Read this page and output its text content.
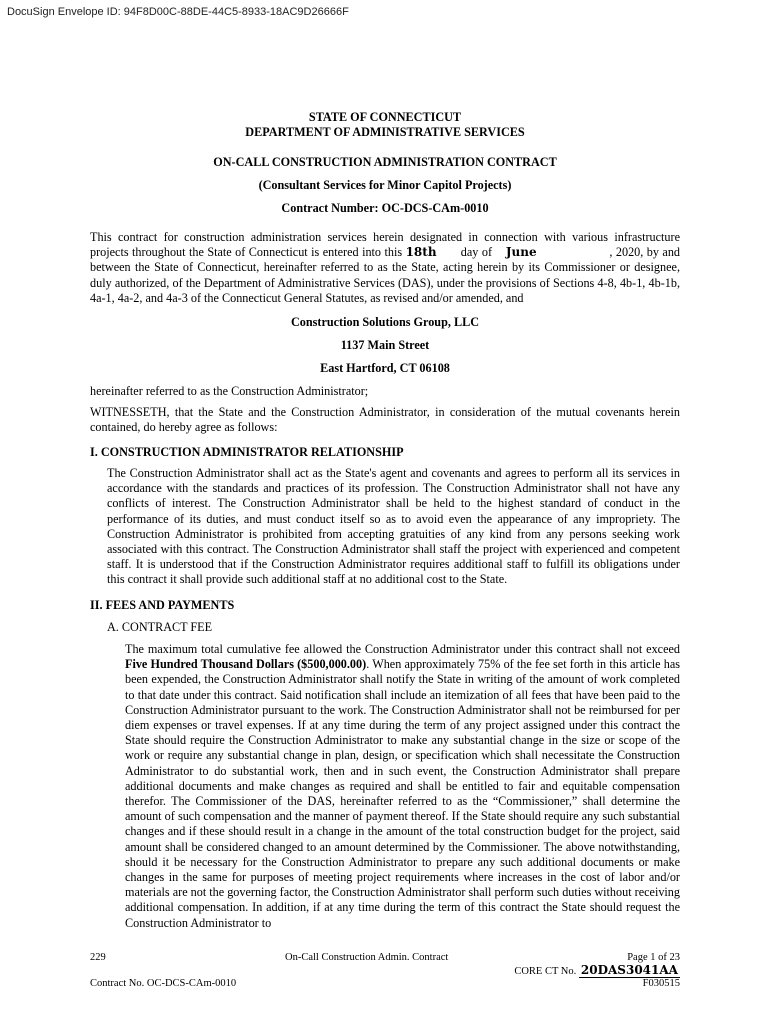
DocuSign Envelope ID: 94F8D00C-88DE-44C5-8933-18AC9D26666F
STATE OF CONNECTICUT
DEPARTMENT OF ADMINISTRATIVE SERVICES
ON-CALL CONSTRUCTION ADMINISTRATION CONTRACT
(Consultant Services for Minor Capitol Projects)
Contract Number: OC-DCS-CAm-0010
This contract for construction administration services herein designated in connection with various infrastructure projects throughout the State of Connecticut is entered into this 18th day of June	, 2020, by and between the State of Connecticut, hereinafter referred to as the State, acting herein by its Commissioner or designee, duly authorized, of the Department of Administrative Services (DAS), under the provisions of Sections 4-8, 4b-1, 4b-1b, 4a-1, 4a-2, and 4a-3 of the Connecticut General Statutes, as revised and/or amended, and
Construction Solutions Group, LLC
1137 Main Street
East Hartford, CT 06108
hereinafter referred to as the Construction Administrator;
WITNESSETH, that the State and the Construction Administrator, in consideration of the mutual covenants herein contained, do hereby agree as follows:
I. CONSTRUCTION ADMINISTRATOR RELATIONSHIP
The Construction Administrator shall act as the State's agent and covenants and agrees to perform all its services in accordance with the standards and practices of its profession. The Construction Administrator shall not have any conflicts of interest. The Construction Administrator shall be held to the highest standard of conduct in the performance of its duties, and must conduct itself so as to avoid even the appearance of any impropriety. The Construction Administrator is prohibited from accepting gratuities of any kind from any persons seeking work associated with this contract. The Construction Administrator shall staff the project with experienced and competent staff. It is understood that if the Construction Administrator requires additional staff to fulfill its obligations under this contract it shall provide such additional staff at no additional cost to the State.
II. FEES AND PAYMENTS
A. CONTRACT FEE
The maximum total cumulative fee allowed the Construction Administrator under this contract shall not exceed Five Hundred Thousand Dollars ($500,000.00). When approximately 75% of the fee set forth in this article has been expended, the Construction Administrator shall notify the State in writing of the amount of work completed to that date under this contract. Said notification shall include an itemization of all fees that have been paid to the Construction Administrator pursuant to the work. The Construction Administrator shall not be reimbursed for per diem expenses or travel expenses. If at any time during the term of any project assigned under this contract the State should require the Construction Administrator to make any substantial change in the size or scope of the work or require any substantial change in plan, design, or specification which shall necessitate the Construction Administrator to do substantial work, then and in such event, the Construction Administrator shall prepare additional documents and make changes as required and shall be entitled to fair and equitable compensation therefor. The Commissioner of the DAS, hereinafter referred to as the “Commissioner,” shall determine the amount of such compensation and the manner of payment thereof. If the State should require any such substantial changes and if these should result in a change in the amount of the total construction budget for the project, said amount shall be considered changed to an amount determined by the Commissioner. The above notwithstanding, should it be necessary for the Construction Administrator to prepare any such additional documents or make changes in the same for purposes of meeting project requirements where increases in the cost of labor and/or materials are not the governing factor, the Construction Administrator shall perform such duties without receiving additional compensation. In addition, if at any time during the term of this contract the State should request the Construction Administrator to
229	On-Call Construction Admin. Contract	Page 1 of 23
CORE CT No. 20DAS3041AA
Contract No. OC-DCS-CAm-0010	F030515
